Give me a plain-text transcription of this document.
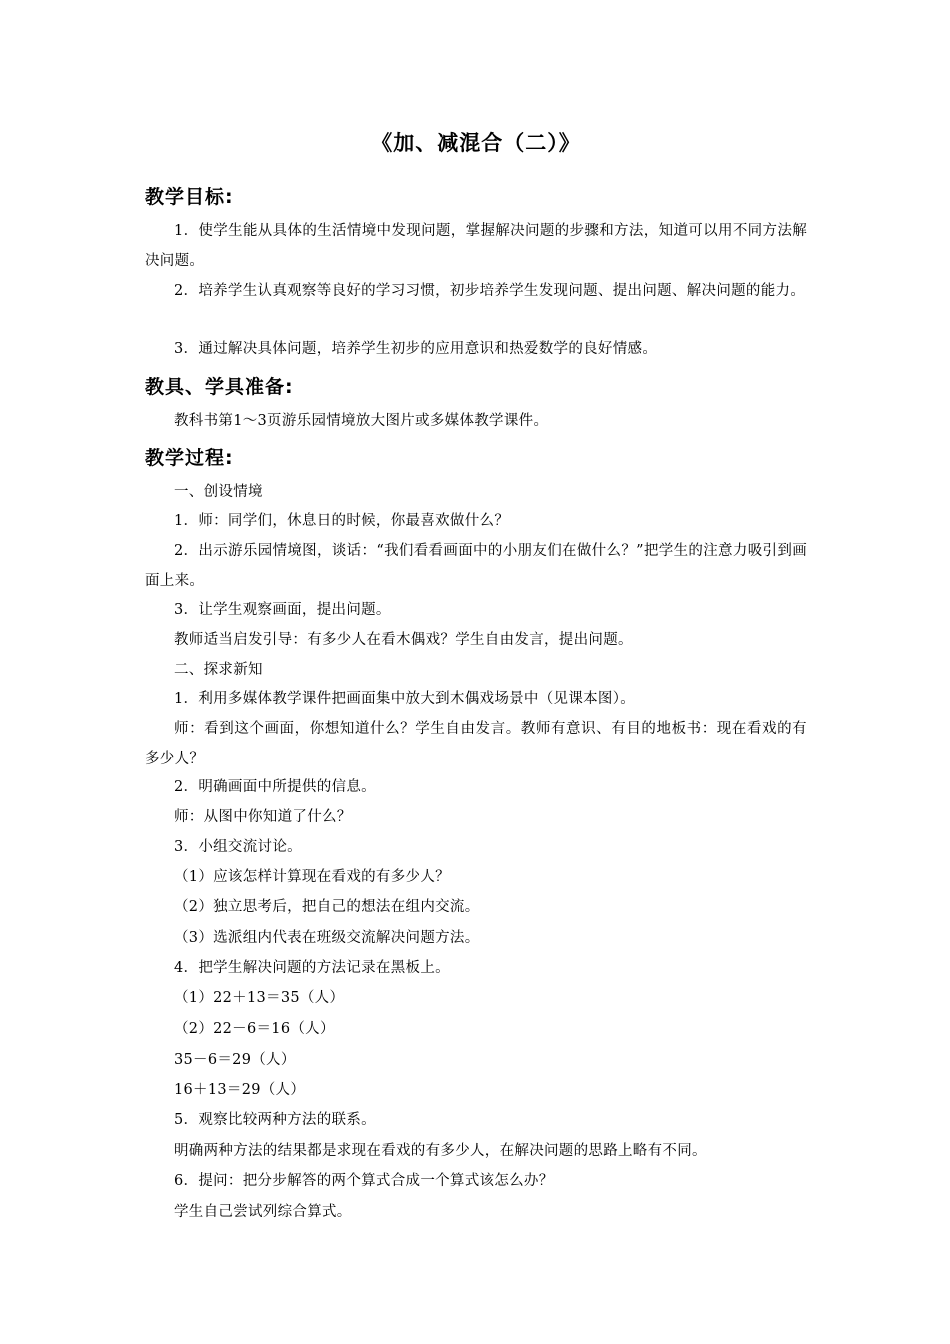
《加、减混合（二）》
教学目标:
1．使学生能从具体的生活情境中发现问题，掌握解决问题的步骤和方法，知道可以用不同方法解决问题。
2．培养学生认真观察等良好的学习习惯，初步培养学生发现问题、提出问题、解决问题的能力。
3．通过解决具体问题，培养学生初步的应用意识和热爱数学的良好情感。
教具、学具准备:
教科书第1～3页游乐园情境放大图片或多媒体教学课件。
教学过程:
一、创设情境
1．师：同学们，休息日的时候，你最喜欢做什么？
2．出示游乐园情境图，谈话：“我们看看画面中的小朋友们在做什么？”把学生的注意力吸引到画面上来。
3．让学生观察画面，提出问题。
教师适当启发引导：有多少人在看木偶戏？学生自由发言，提出问题。
二、探求新知
1．利用多媒体教学课件把画面集中放大到木偶戏场景中（见课本图）。
师：看到这个画面，你想知道什么？学生自由发言。教师有意识、有目的地板书：现在看戏的有多少人？
2．明确画面中所提供的信息。
师：从图中你知道了什么？
3．小组交流讨论。
（1）应该怎样计算现在看戏的有多少人？
（2）独立思考后，把自己的想法在组内交流。
（3）选派组内代表在班级交流解决问题方法。
4．把学生解决问题的方法记录在黑板上。
（1）22＋13＝35（人）
（2）22－6＝16（人）
35－6＝29（人）
16＋13＝29（人）
5．观察比较两种方法的联系。
明确两种方法的结果都是求现在看戏的有多少人，在解决问题的思路上略有不同。
6．提问：把分步解答的两个算式合成一个算式该怎么办？
学生自己尝试列综合算式。
